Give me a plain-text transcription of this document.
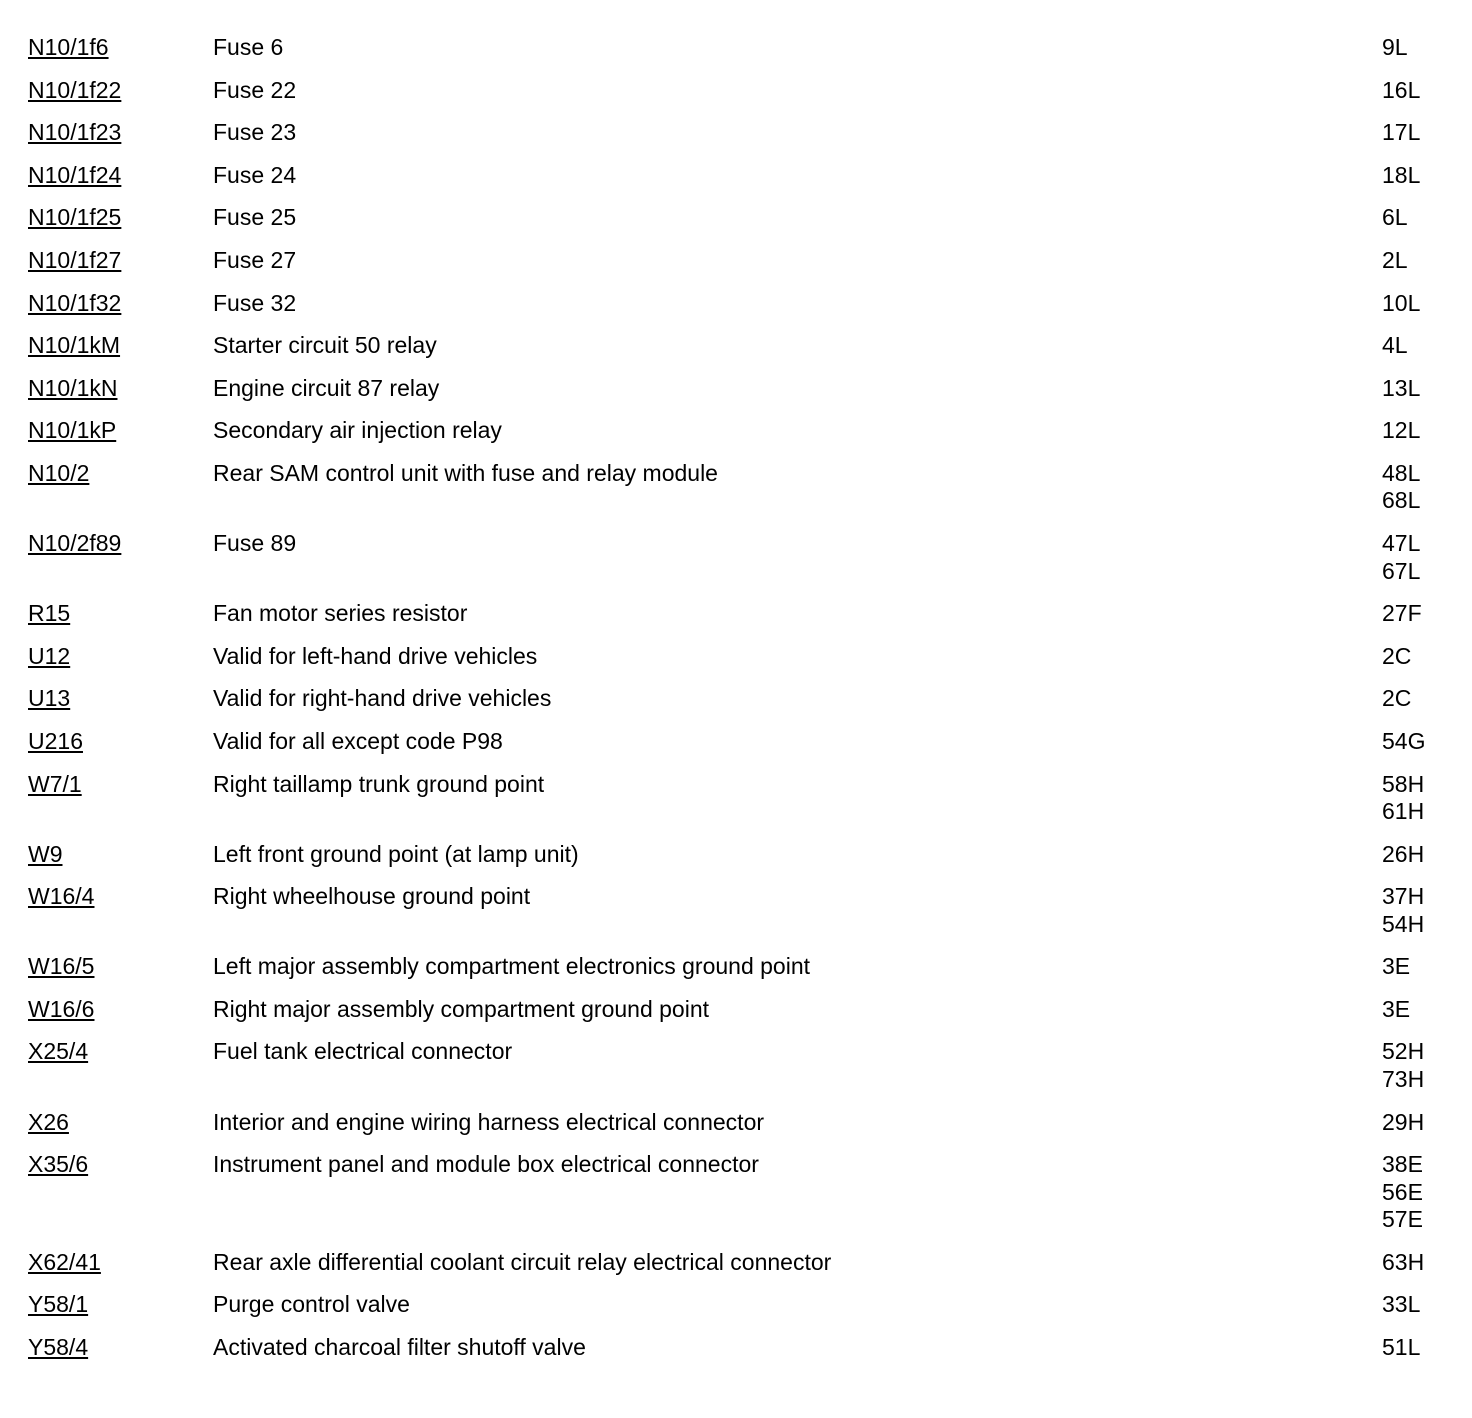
N10/1f6	Fuse 6	9L
N10/1f22	Fuse 22	16L
N10/1f23	Fuse 23	17L
N10/1f24	Fuse 24	18L
N10/1f25	Fuse 25	6L
N10/1f27	Fuse 27	2L
N10/1f32	Fuse 32	10L
N10/1kM	Starter circuit 50 relay	4L
N10/1kN	Engine circuit 87 relay	13L
N10/1kP	Secondary air injection relay	12L
N10/2	Rear SAM control unit with fuse and relay module	48L
68L
N10/2f89	Fuse 89	47L
67L
R15	Fan motor series resistor	27F
U12	Valid for left-hand drive vehicles	2C
U13	Valid for right-hand drive vehicles	2C
U216	Valid for all except code P98	54G
W7/1	Right taillamp trunk ground point	58H
61H
W9	Left front ground point (at lamp unit)	26H
W16/4	Right wheelhouse ground point	37H
54H
W16/5	Left major assembly compartment electronics ground point	3E
W16/6	Right major assembly compartment ground point	3E
X25/4	Fuel tank electrical connector	52H
73H
X26	Interior and engine wiring harness electrical connector	29H
X35/6	Instrument panel and module box electrical connector	38E
56E
57E
X62/41	Rear axle differential coolant circuit relay electrical connector	63H
Y58/1	Purge control valve	33L
Y58/4	Activated charcoal filter shutoff valve	51L
